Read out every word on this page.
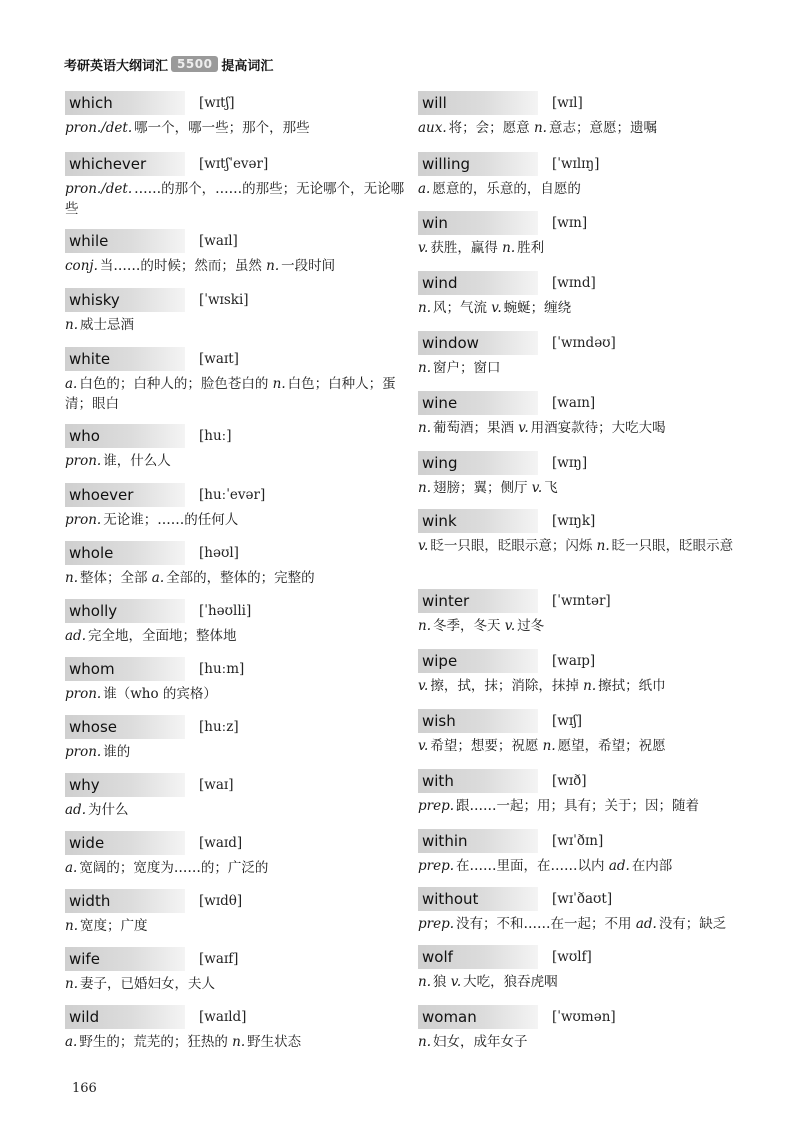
考研英语大纲词汇 5500 提高词汇
which	[wɪtʃ]
pron./det. 哪一个，哪一些；那个，那些
whichever	[wɪtʃˈevər]
pron./det. ……的那个，……的那些；无论哪个，无论哪些
while	[waɪl]
conj. 当……的时候；然而；虽然 n. 一段时间
whisky	[ˈwɪski]
n. 威士忌酒
white	[waɪt]
a. 白色的；白种人的；脸色苍白的 n. 白色；白种人；蛋清；眼白
who	[huː]
pron. 谁，什么人
whoever	[huːˈevər]
pron. 无论谁；……的任何人
whole	[həʊl]
n. 整体；全部 a. 全部的，整体的；完整的
wholly	[ˈhəʊlli]
ad. 完全地，全面地；整体地
whom	[huːm]
pron. 谁（who 的宾格）
whose	[huːz]
pron. 谁的
why	[waɪ]
ad. 为什么
wide	[waɪd]
a. 宽阔的；宽度为……的；广泛的
width	[wɪdθ]
n. 宽度；广度
wife	[waɪf]
n. 妻子，已婚妇女，夫人
wild	[waɪld]
a. 野生的；荒芜的；狂热的 n. 野生状态
will	[wɪl]
aux. 将；会；愿意 n. 意志；意愿；遗嘱
willing	[ˈwɪlɪŋ]
a. 愿意的，乐意的，自愿的
win	[wɪn]
v. 获胜，赢得 n. 胜利
wind	[wɪnd]
n. 风；气流 v. 蜿蜒；缠绕
window	[ˈwɪndəʊ]
n. 窗户；窗口
wine	[waɪn]
n. 葡萄酒；果酒 v. 用酒宴款待；大吃大喝
wing	[wɪŋ]
n. 翅膀；翼；侧厅 v. 飞
wink	[wɪŋk]
v. 眨一只眼，眨眼示意；闪烁 n. 眨一只眼，眨眼示意
winter	[ˈwɪntər]
n. 冬季，冬天 v. 过冬
wipe	[waɪp]
v. 擦，拭，抹；消除，抹掉 n. 擦拭；纸巾
wish	[wɪʃ]
v. 希望；想要；祝愿 n. 愿望，希望；祝愿
with	[wɪð]
prep. 跟……一起；用；具有；关于；因；随着
within	[wɪˈðɪn]
prep. 在……里面，在……以内 ad. 在内部
without	[wɪˈðaʊt]
prep. 没有；不和……在一起；不用 ad. 没有；缺乏
wolf	[wʊlf]
n. 狼 v. 大吃，狼吞虎咽
woman	[ˈwʊmən]
n. 妇女，成年女子
166
